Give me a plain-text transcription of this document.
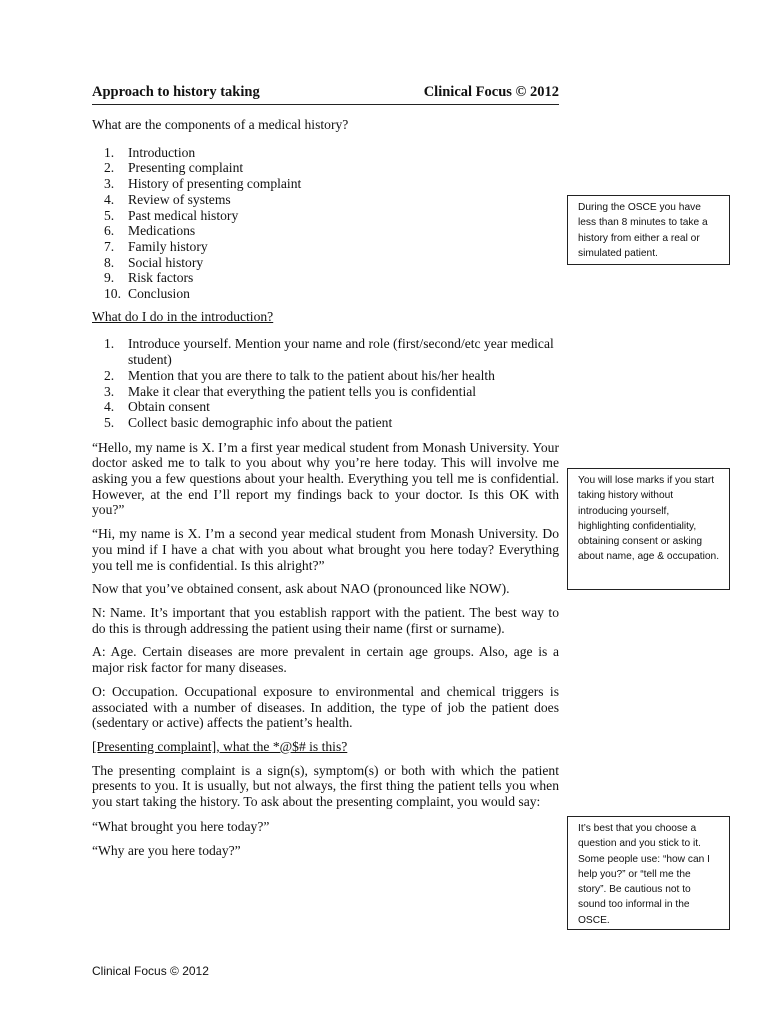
Approach to history taking	Clinical Focus © 2012

What are the components of a medical history?

1. Introduction
2. Presenting complaint
3. History of presenting complaint
4. Review of systems
5. Past medical history
6. Medications
7. Family history
8. Social history
9. Risk factors
10. Conclusion

What do I do in the introduction?

1. Introduce yourself. Mention your name and role (first/second/etc year medical student)
2. Mention that you are there to talk to the patient about his/her health
3. Make it clear that everything the patient tells you is confidential
4. Obtain consent
5. Collect basic demographic info about the patient

“Hello, my name is X. I’m a first year medical student from Monash University. Your doctor asked me to talk to you about why you’re here today. This will involve me asking you a few questions about your health. Everything you tell me is confidential. However, at the end I’ll report my findings back to your doctor. Is this OK with you?”

“Hi, my name is X. I’m a second year medical student from Monash University. Do you mind if I have a chat with you about what brought you here today? Everything you tell me is confidential. Is this alright?”

Now that you’ve obtained consent, ask about NAO (pronounced like NOW).

N: Name. It’s important that you establish rapport with the patient. The best way to do this is through addressing the patient using their name (first or surname).

A: Age. Certain diseases are more prevalent in certain age groups. Also, age is a major risk factor for many diseases.

O: Occupation. Occupational exposure to environmental and chemical triggers is associated with a number of diseases. In addition, the type of job the patient does (sedentary or active) affects the patient’s health.

[Presenting complaint], what the *@$# is this?

The presenting complaint is a sign(s), symptom(s) or both with which the patient presents to you. It is usually, but not always, the first thing the patient tells you when you start taking the history. To ask about the presenting complaint, you would say:

“What brought you here today?”

“Why are you here today?”

During the OSCE you have less than 8 minutes to take a history from either a real or simulated patient.
You will lose marks if you start taking history without introducing yourself, highlighting confidentiality, obtaining consent or asking about name, age & occupation.
It’s best that you choose a question and you stick to it. Some people use: “how can I help you?” or “tell me the story”. Be cautious not to sound too informal in the OSCE.
Clinical Focus © 2012
